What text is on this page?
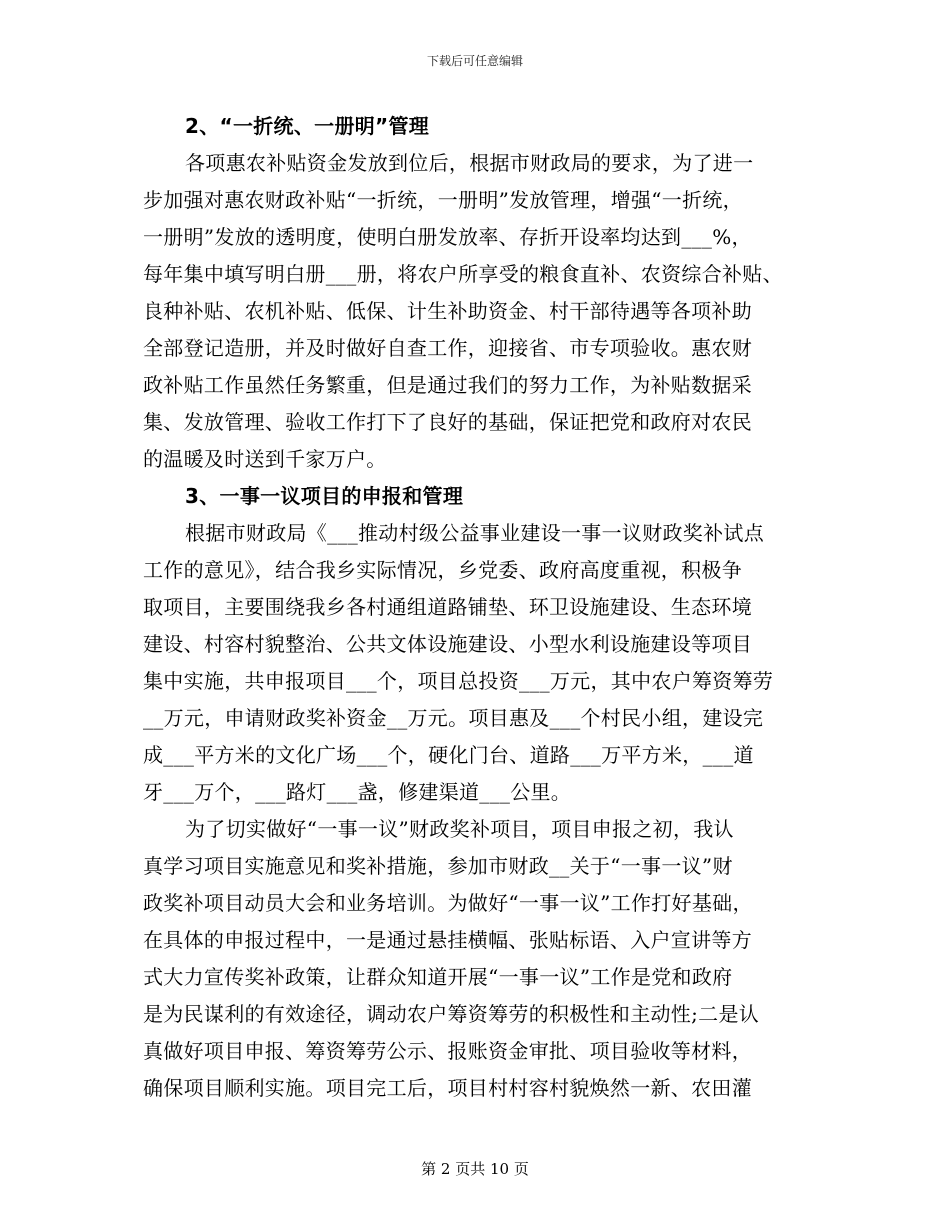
下载后可任意编辑
2、“一折统、一册明”管理
各项惠农补贴资金发放到位后，根据市财政局的要求，为了进一
步加强对惠农财政补贴“一折统，一册明”发放管理，增强“一折统，
一册明”发放的透明度，使明白册发放率、存折开设率均达到___%，
每年集中填写明白册___册，将农户所享受的粮食直补、农资综合补贴、
良种补贴、农机补贴、低保、计生补助资金、村干部待遇等各项补助
全部登记造册，并及时做好自查工作，迎接省、市专项验收。惠农财
政补贴工作虽然任务繁重，但是通过我们的努力工作，为补贴数据采
集、发放管理、验收工作打下了良好的基础，保证把党和政府对农民
的温暖及时送到千家万户。
3、一事一议项目的申报和管理
根据市财政局《___推动村级公益事业建设一事一议财政奖补试点
工作的意见》，结合我乡实际情况，乡党委、政府高度重视，积极争
取项目，主要围绕我乡各村通组道路铺垫、环卫设施建设、生态环境
建设、村容村貌整治、公共文体设施建设、小型水利设施建设等项目
集中实施，共申报项目___个，项目总投资___万元，其中农户筹资筹劳
__万元，申请财政奖补资金__万元。项目惠及___个村民小组，建设完
成___平方米的文化广场___个，硬化门台、道路___万平方米，___道
牙___万个，___路灯___盏，修建渠道___公里。
为了切实做好“一事一议”财政奖补项目，项目申报之初，我认
真学习项目实施意见和奖补措施，参加市财政__关于“一事一议”财
政奖补项目动员大会和业务培训。为做好“一事一议”工作打好基础，
在具体的申报过程中，一是通过悬挂横幅、张贴标语、入户宣讲等方
式大力宣传奖补政策，让群众知道开展“一事一议”工作是党和政府
是为民谋利的有效途径，调动农户筹资筹劳的积极性和主动性;二是认
真做好项目申报、筹资筹劳公示、报账资金审批、项目验收等材料，
确保项目顺利实施。项目完工后，项目村村容村貌焕然一新、农田灌
第 2 页共 10 页
